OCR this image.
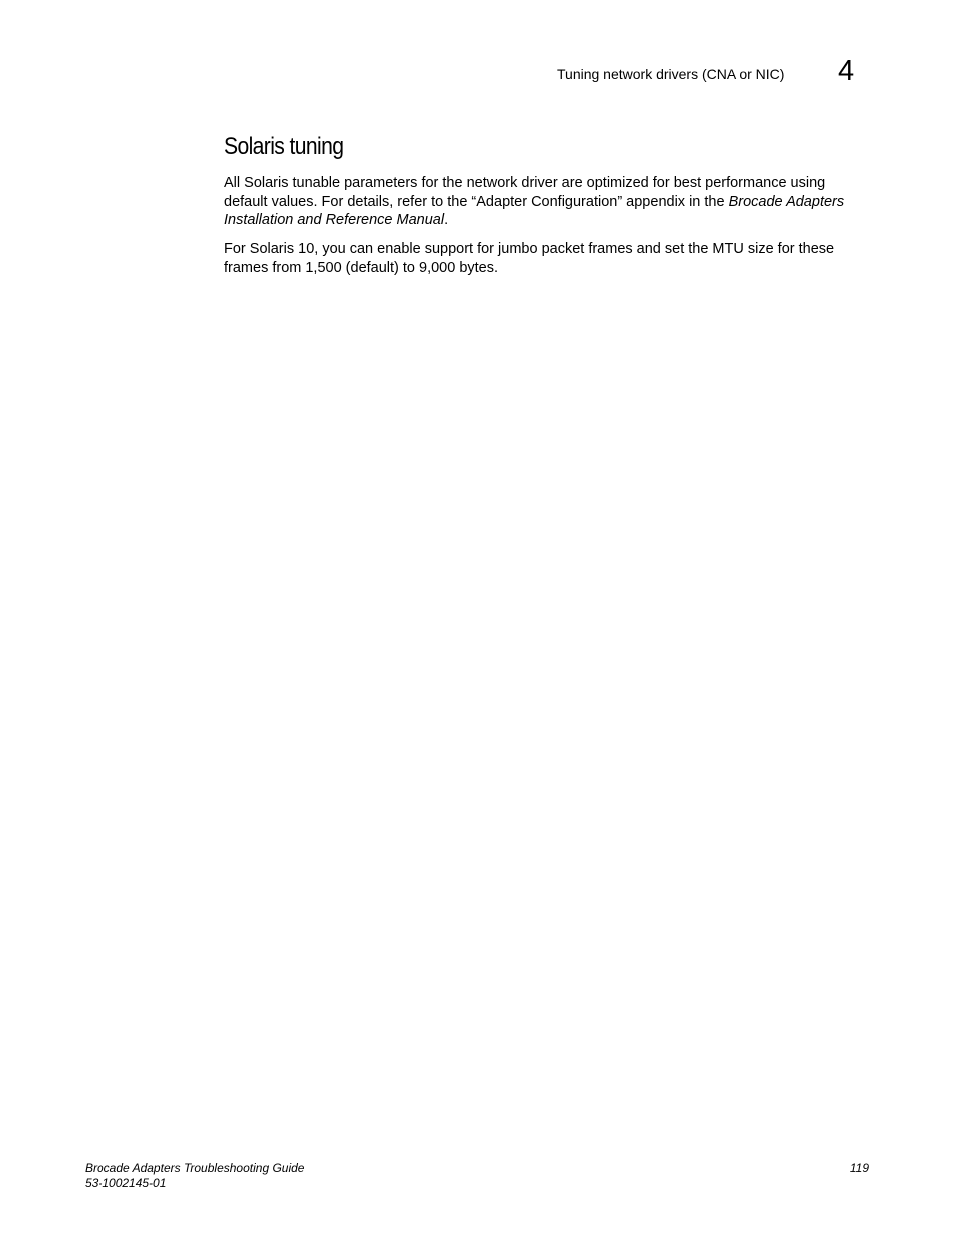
Tuning network drivers (CNA or NIC) 4
Solaris tuning

All Solaris tunable parameters for the network driver are optimized for best performance using default values. For details, refer to the “Adapter Configuration” appendix in the Brocade Adapters Installation and Reference Manual.

For Solaris 10, you can enable support for jumbo packet frames and set the MTU size for these frames from 1,500 (default) to 9,000 bytes.

Brocade Adapters Troubleshooting Guide
53-1002145-01
119
